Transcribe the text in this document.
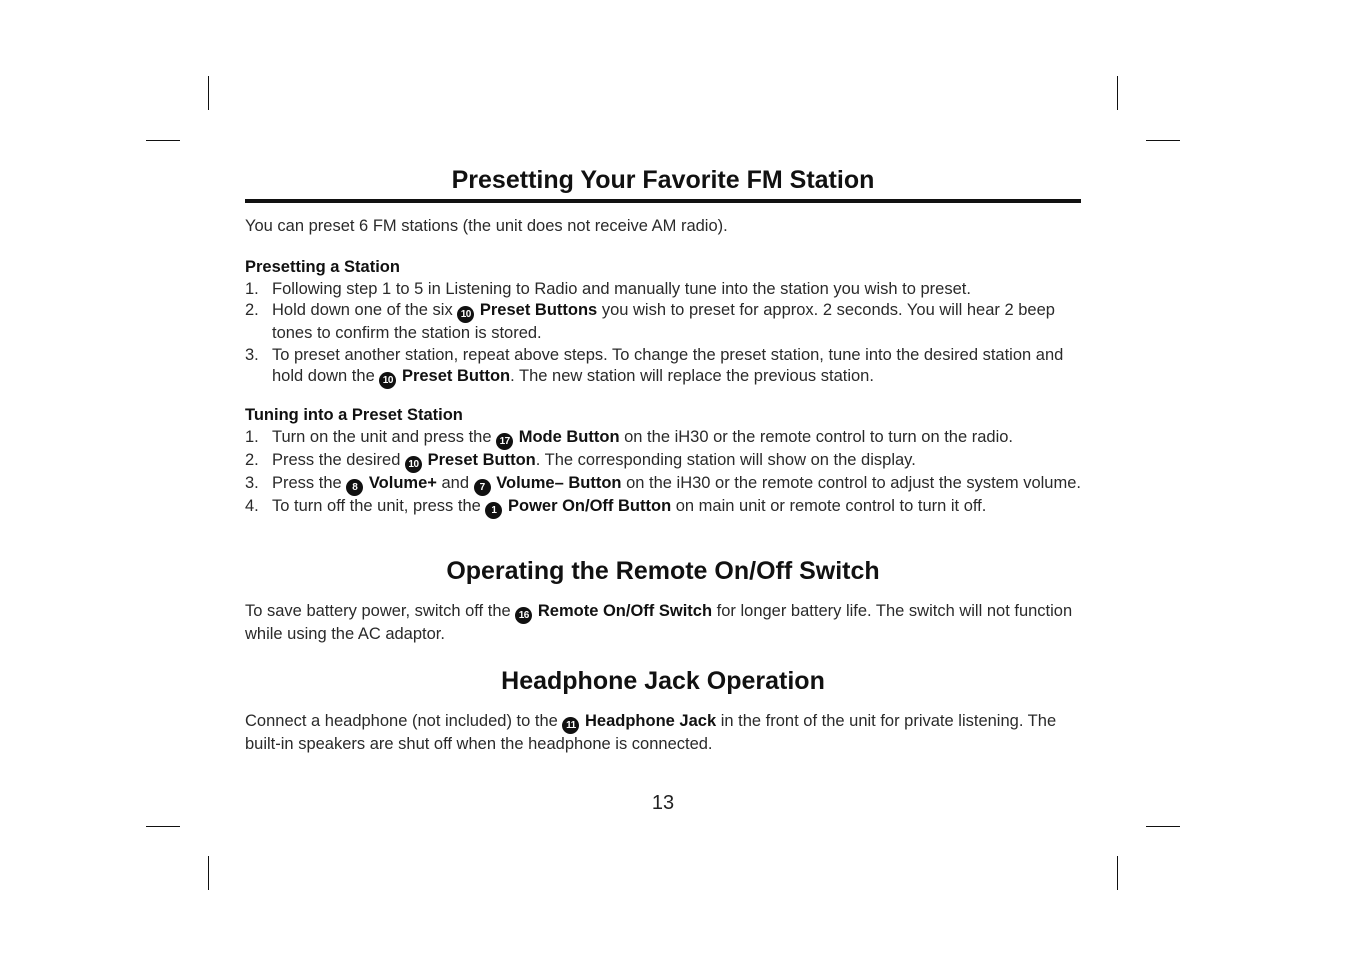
Presetting Your Favorite FM Station
You can preset 6 FM stations (the unit does not receive AM radio).
Presetting a Station
1. Following step 1 to 5 in Listening to Radio and manually tune into the station you wish to preset.
2. Hold down one of the six 10 Preset Buttons you wish to preset for approx. 2 seconds. You will hear 2 beep tones to confirm the station is stored.
3. To preset another station, repeat above steps. To change the preset station, tune into the desired station and hold down the 10 Preset Button. The new station will replace the previous station.
Tuning into a Preset Station
1. Turn on the unit and press the 17 Mode Button on the iH30 or the remote control to turn on the radio.
2. Press the desired 10 Preset Button. The corresponding station will show on the display.
3. Press the 8 Volume+ and 7 Volume– Button on the iH30 or the remote control to adjust the system volume.
4. To turn off the unit, press the 1 Power On/Off Button on main unit or remote control to turn it off.
Operating the Remote On/Off Switch
To save battery power, switch off the 16 Remote On/Off Switch for longer battery life. The switch will not function while using the AC adaptor.
Headphone Jack Operation
Connect a headphone (not included) to the 11 Headphone Jack in the front of the unit for private listening. The built-in speakers are shut off when the headphone is connected.
13
